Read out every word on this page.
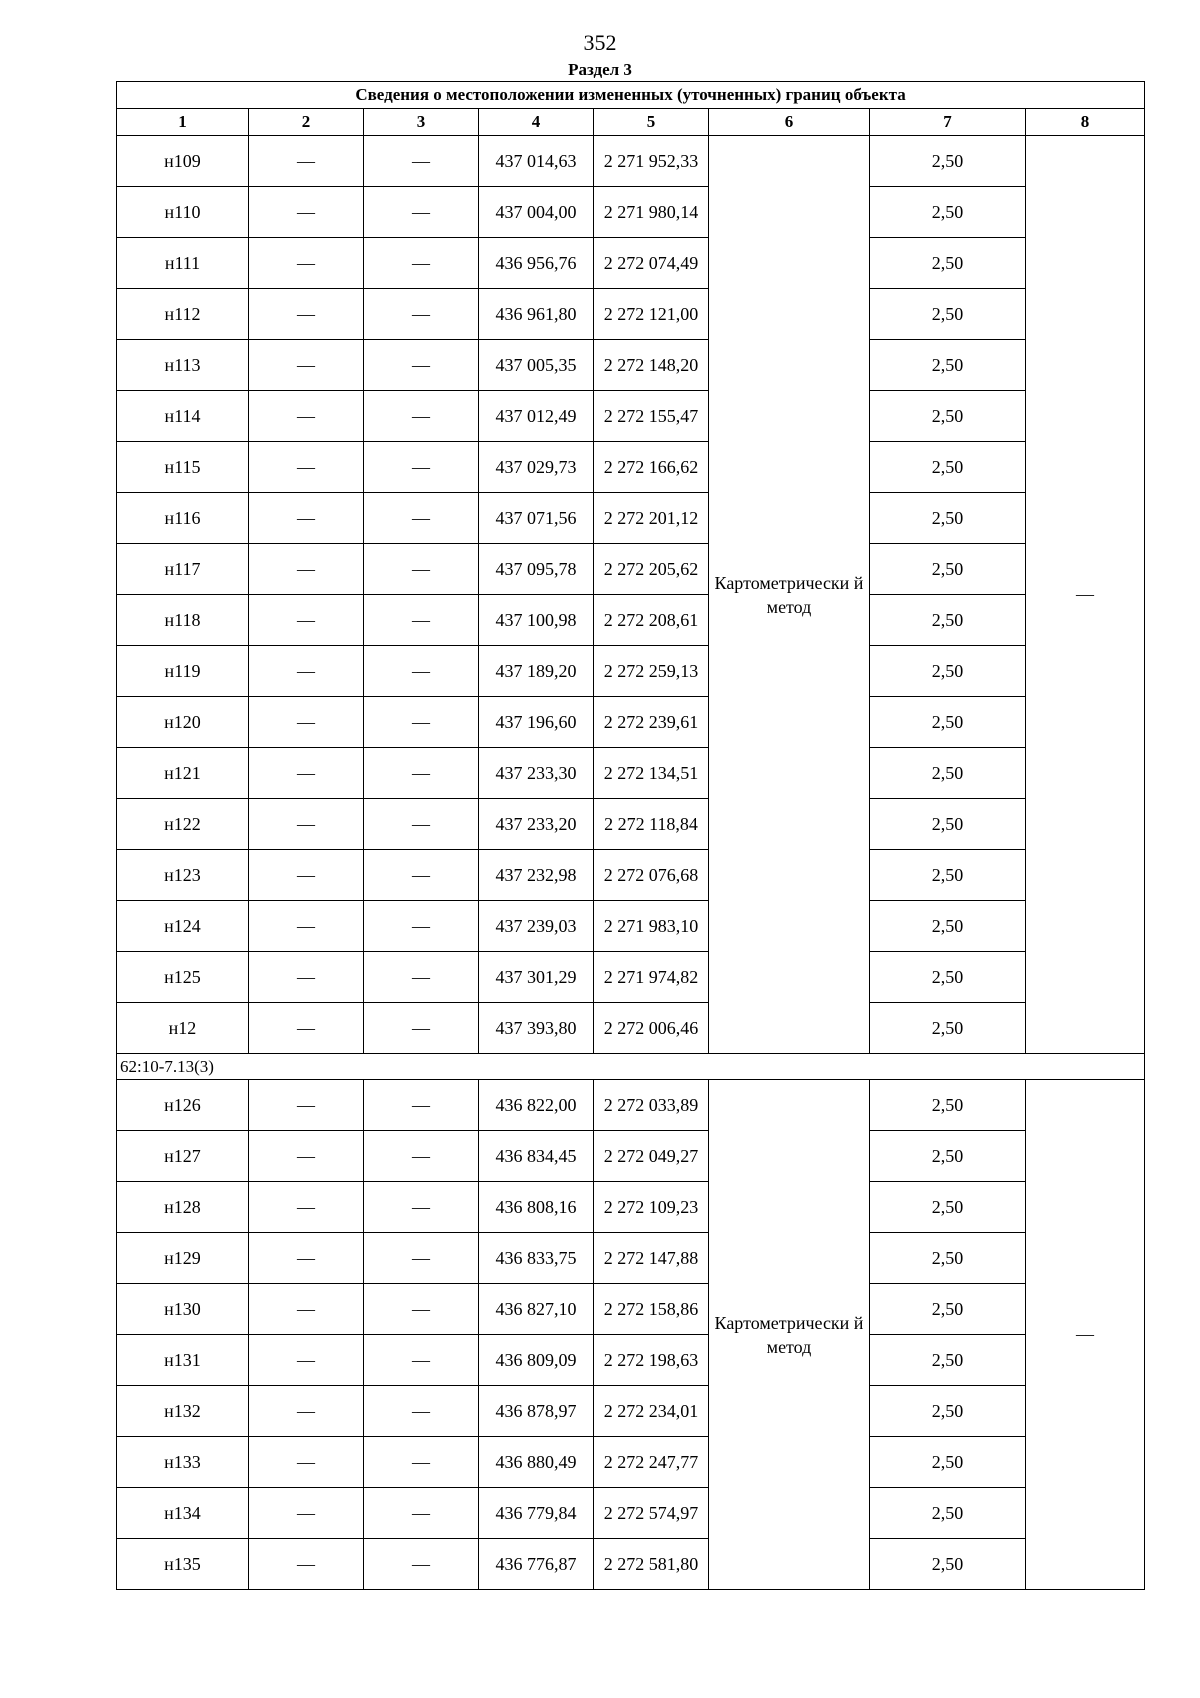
352
Раздел 3
Сведения о местоположении измененных (уточненных) границ объекта							
1	2	3	4	5	6	7	8
н109	—	—	437 014,63	2 271 952,33	Картометрически й метод	2,50	—
н110	—	—	437 004,00	2 271 980,14		2,50	
н111	—	—	436 956,76	2 272 074,49		2,50	
н112	—	—	436 961,80	2 272 121,00		2,50	
н113	—	—	437 005,35	2 272 148,20		2,50	
н114	—	—	437 012,49	2 272 155,47		2,50	
н115	—	—	437 029,73	2 272 166,62		2,50	
н116	—	—	437 071,56	2 272 201,12		2,50	
н117	—	—	437 095,78	2 272 205,62		2,50	
н118	—	—	437 100,98	2 272 208,61		2,50	
н119	—	—	437 189,20	2 272 259,13		2,50	
н120	—	—	437 196,60	2 272 239,61		2,50	
н121	—	—	437 233,30	2 272 134,51		2,50	
н122	—	—	437 233,20	2 272 118,84		2,50	
н123	—	—	437 232,98	2 272 076,68		2,50	
н124	—	—	437 239,03	2 271 983,10		2,50	
н125	—	—	437 301,29	2 271 974,82		2,50	
н12	—	—	437 393,80	2 272 006,46		2,50	
62:10-7.13(3)							
н126	—	—	436 822,00	2 272 033,89	Картометрически й метод	2,50	—
н127	—	—	436 834,45	2 272 049,27		2,50	
н128	—	—	436 808,16	2 272 109,23		2,50	
н129	—	—	436 833,75	2 272 147,88		2,50	
н130	—	—	436 827,10	2 272 158,86		2,50	
н131	—	—	436 809,09	2 272 198,63		2,50	
н132	—	—	436 878,97	2 272 234,01		2,50	
н133	—	—	436 880,49	2 272 247,77		2,50	
н134	—	—	436 779,84	2 272 574,97		2,50	
н135	—	—	436 776,87	2 272 581,80		2,50	
